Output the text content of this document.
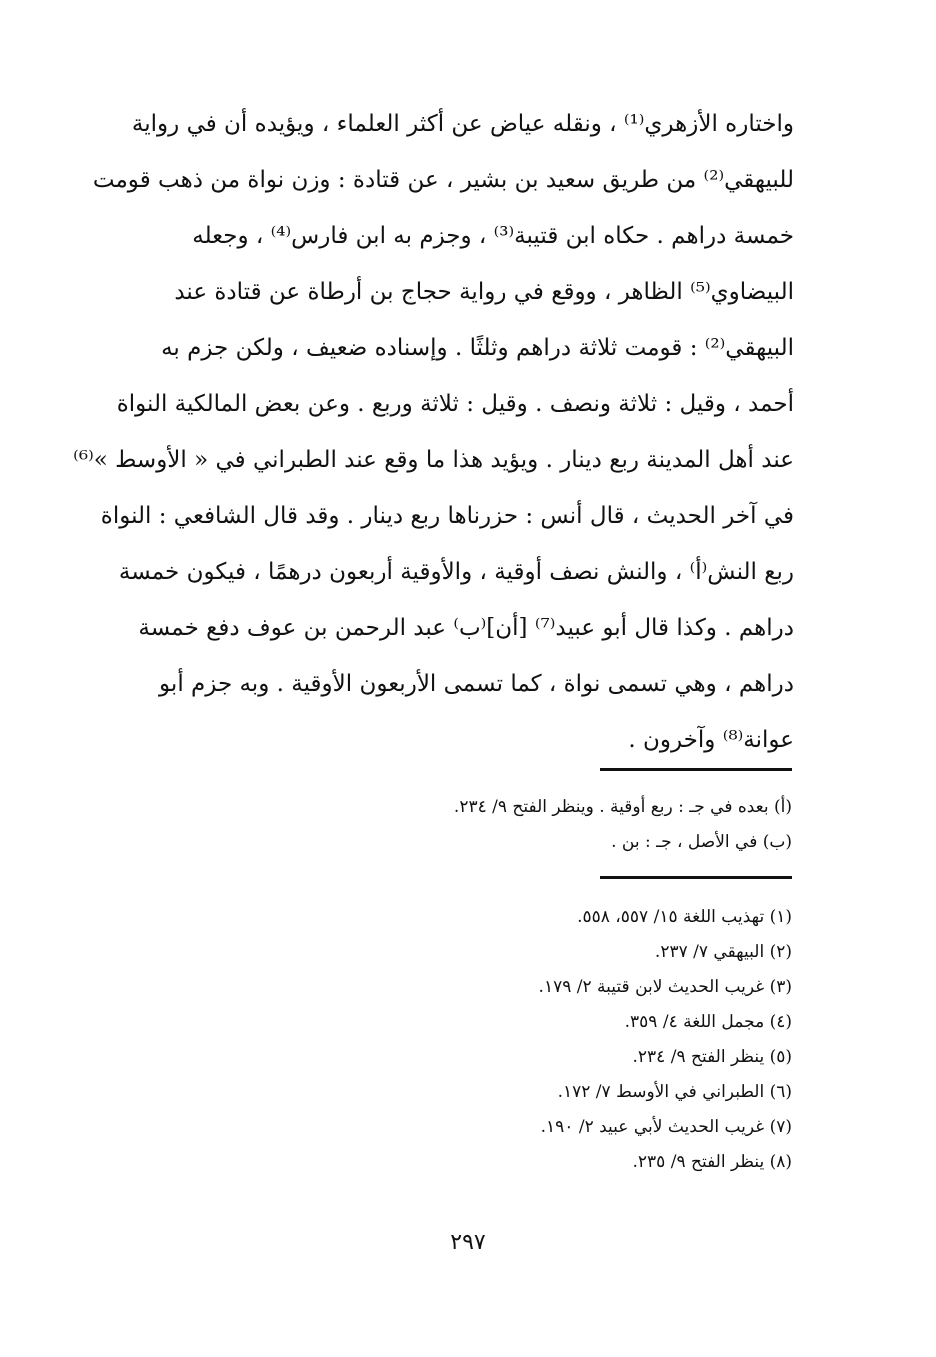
واختاره الأزهري⁽¹⁾ ، ونقله عياض عن أكثر العلماء ، ويؤيده أن في رواية
للبيهقي⁽²⁾ من طريق سعيد بن بشير ، عن قتادة : وزن نواة من ذهب قومت
خمسة دراهم . حكاه ابن قتيبة⁽³⁾ ، وجزم به ابن فارس⁽⁴⁾ ، وجعله
البيضاوي⁽⁵⁾ الظاهر ، ووقع في رواية حجاج بن أرطاة عن قتادة عند
البيهقي⁽²⁾ : قومت ثلاثة دراهم وثلثًا . وإسناده ضعيف ، ولكن جزم به
أحمد ، وقيل : ثلاثة ونصف . وقيل : ثلاثة وربع . وعن بعض المالكية النواة
عند أهل المدينة ربع دينار . ويؤيد هذا ما وقع عند الطبراني في « الأوسط »⁽⁶⁾
في آخر الحديث ، قال أنس : حزرناها ربع دينار . وقد قال الشافعي : النواة
ربع النش⁽أ⁾ ، والنش نصف أوقية ، والأوقية أربعون درهمًا ، فيكون خمسة
دراهم . وكذا قال أبو عبيد⁽⁷⁾ [أن]⁽ب⁾ عبد الرحمن بن عوف دفع خمسة
دراهم ، وهي تسمى نواة ، كما تسمى الأربعون الأوقية . وبه جزم أبو
عوانة⁽⁸⁾ وآخرون .
(أ) بعده في جـ : ربع أوقية . وينظر الفتح ٩/ ٢٣٤.
(ب) في الأصل ، جـ : بن .
(١) تهذيب اللغة ١٥/ ٥٥٧، ٥٥٨.
(٢) البيهقي ٧/ ٢٣٧.
(٣) غريب الحديث لابن قتيبة ٢/ ١٧٩.
(٤) مجمل اللغة ٤/ ٣٥٩.
(٥) ينظر الفتح ٩/ ٢٣٤.
(٦) الطبراني في الأوسط ٧/ ١٧٢.
(٧) غريب الحديث لأبي عبيد ٢/ ١٩٠.
(٨) ينظر الفتح ٩/ ٢٣٥.
٢٩٧
